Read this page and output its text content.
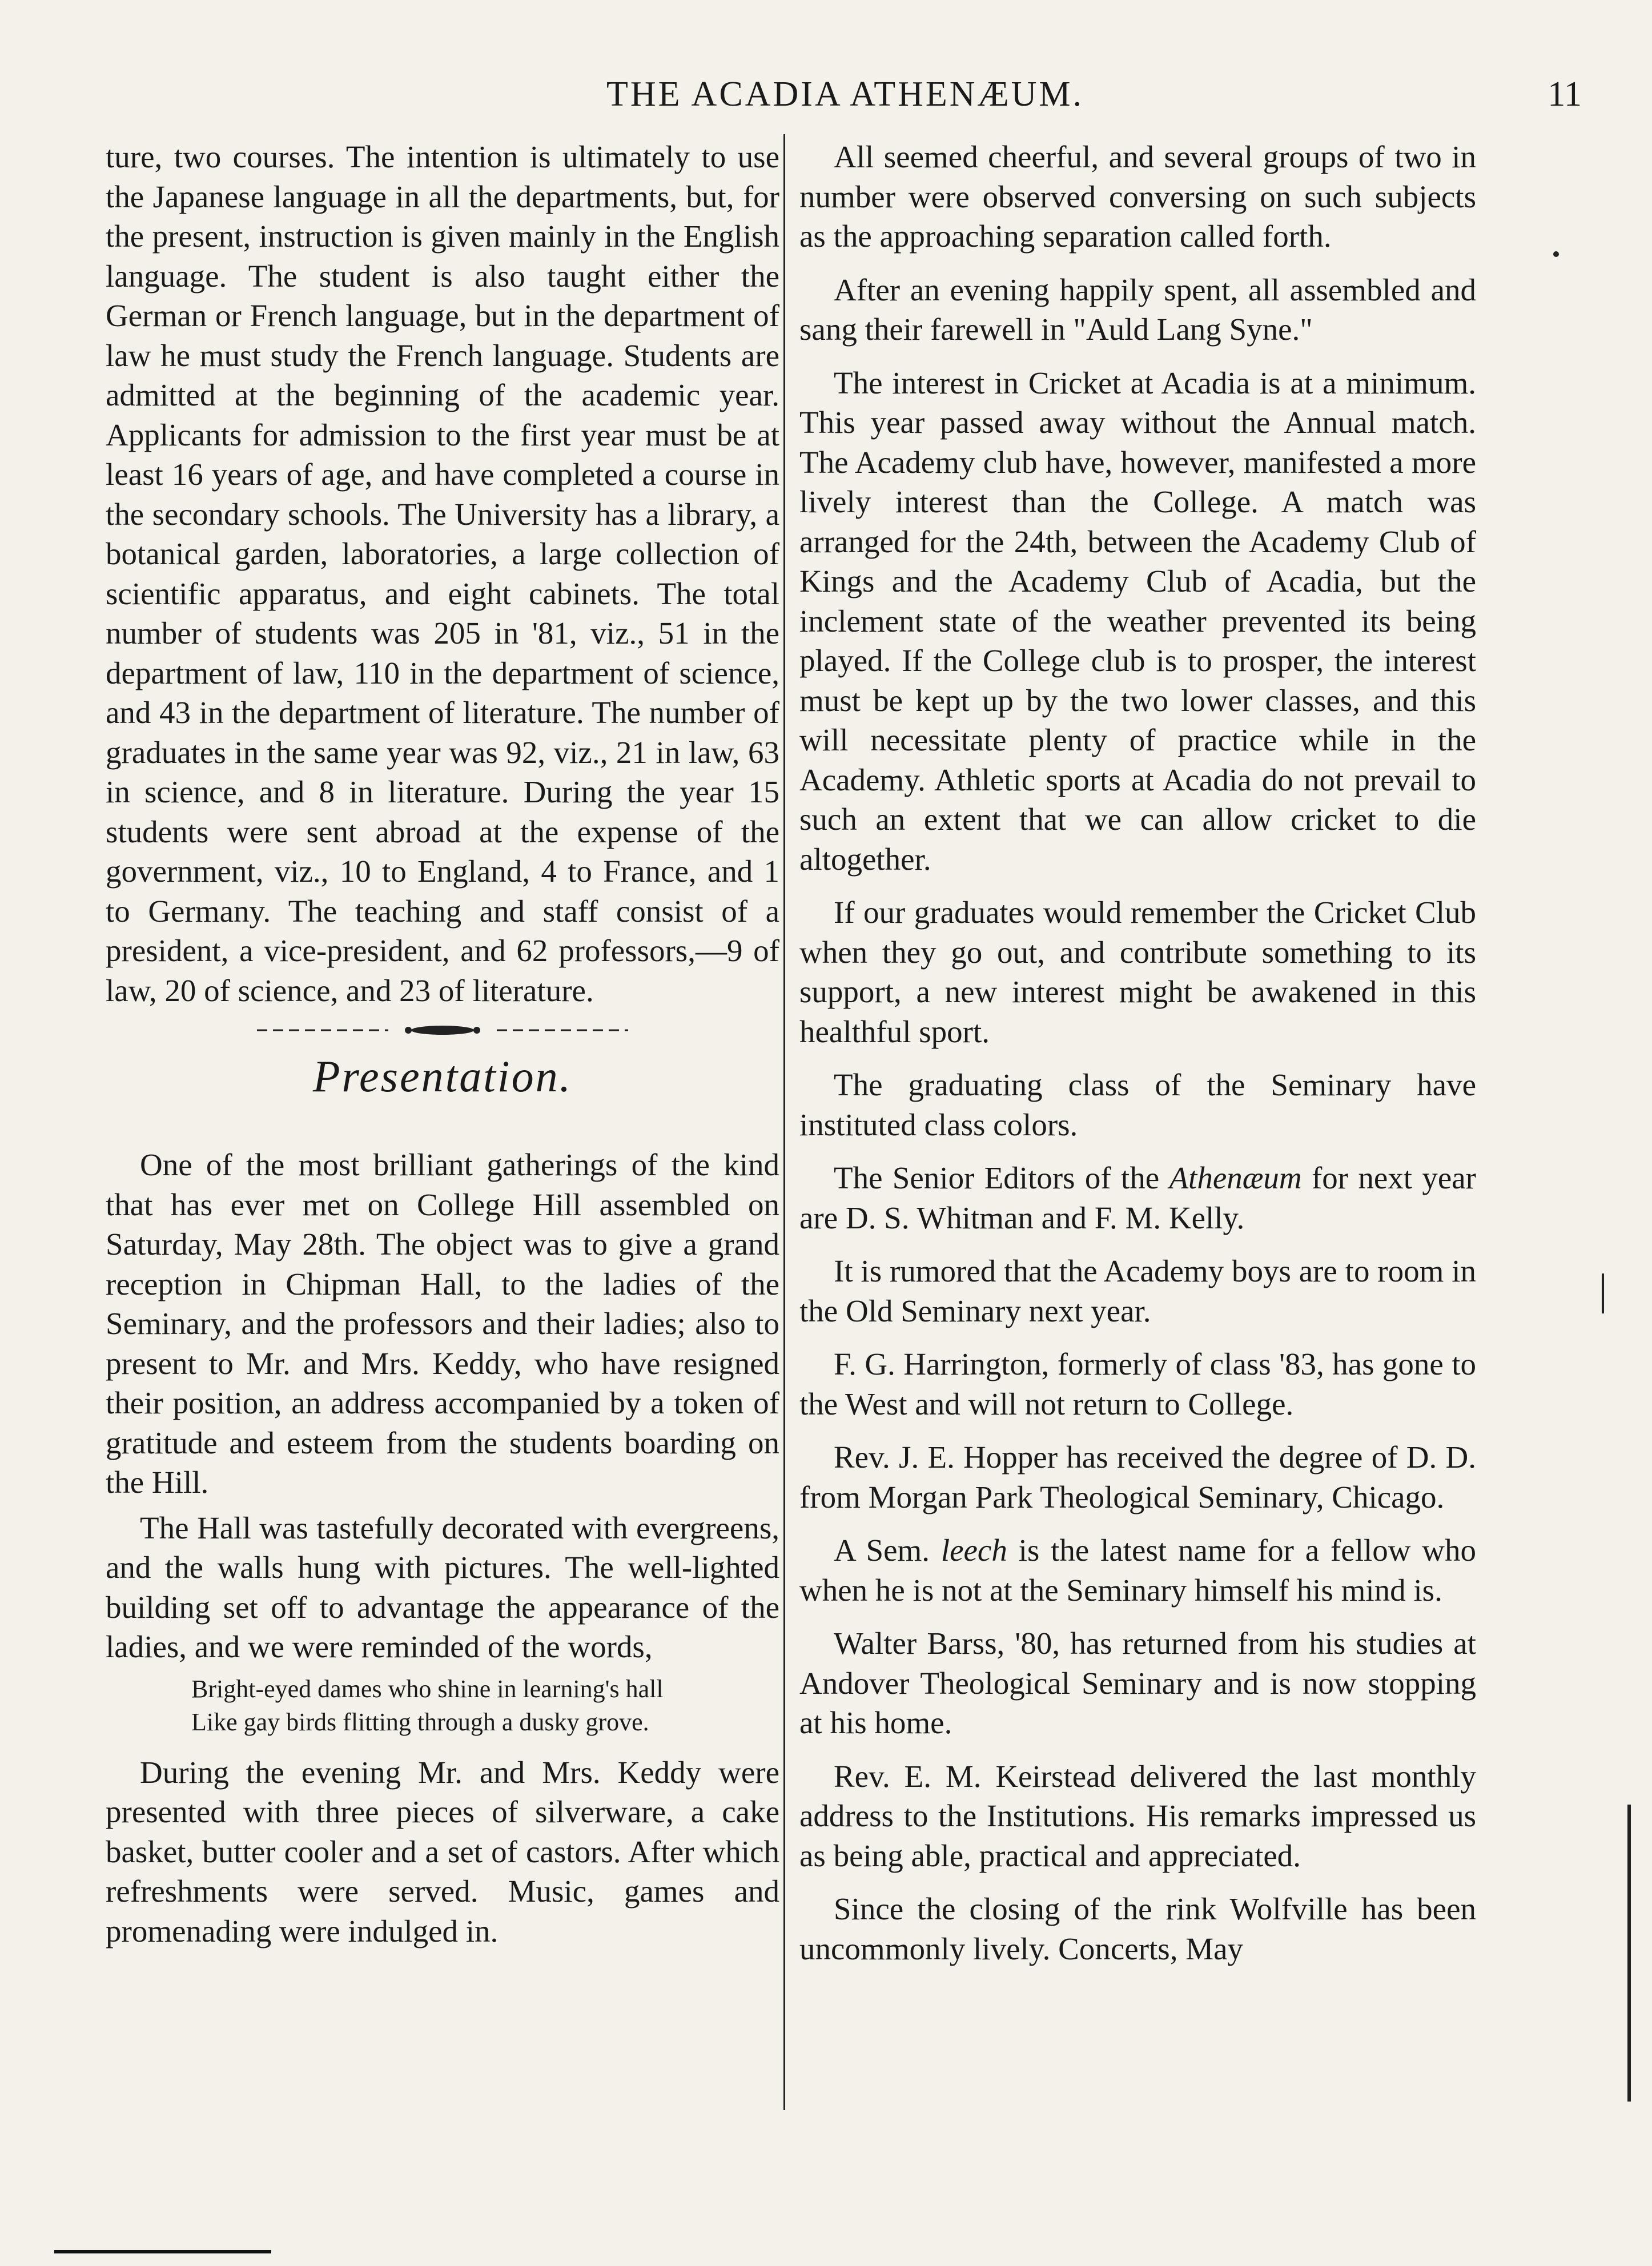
THE ACADIA ATHENÆUM.	11

ture, two courses. The intention is ultimately to use the Japanese language in all the departments, but, for the present, instruction is given mainly in the English language. The student is also taught either the German or French language, but in the department of law he must study the French language. Students are admitted at the beginning of the academic year. Applicants for admission to the first year must be at least 16 years of age, and have completed a course in the secondary schools. The University has a library, a botanical garden, laboratories, a large collection of scientific apparatus, and eight cabinets. The total number of students was 205 in '81, viz., 51 in the department of law, 110 in the department of science, and 43 in the department of literature. The number of graduates in the same year was 92, viz., 21 in law, 63 in science, and 8 in literature. During the year 15 students were sent abroad at the expense of the government, viz., 10 to England, 4 to France, and 1 to Germany. The teaching and staff consist of a president, a vice-president, and 62 professors,—9 of law, 20 of science, and 23 of literature.

Presentation.

One of the most brilliant gatherings of the kind that has ever met on College Hill assembled on Saturday, May 28th. The object was to give a grand reception in Chipman Hall, to the ladies of the Seminary, and the professors and their ladies; also to present to Mr. and Mrs. Keddy, who have resigned their position, an address accompanied by a token of gratitude and esteem from the students boarding on the Hill.

The Hall was tastefully decorated with evergreens, and the walls hung with pictures. The well-lighted building set off to advantage the appearance of the ladies, and we were reminded of the words,

Bright-eyed dames who shine in learning's hall
Like gay birds flitting through a dusky grove.

During the evening Mr. and Mrs. Keddy were presented with three pieces of silverware, a cake basket, butter cooler and a set of castors. After which refreshments were served. Music, games and promenading were indulged in.

All seemed cheerful, and several groups of two in number were observed conversing on such subjects as the approaching separation called forth.

After an evening happily spent, all assembled and sang their farewell in "Auld Lang Syne."

The interest in Cricket at Acadia is at a minimum. This year passed away without the Annual match. The Academy club have, however, manifested a more lively interest than the College. A match was arranged for the 24th, between the Academy Club of Kings and the Academy Club of Acadia, but the inclement state of the weather prevented its being played. If the College club is to prosper, the interest must be kept up by the two lower classes, and this will necessitate plenty of practice while in the Academy. Athletic sports at Acadia do not prevail to such an extent that we can allow cricket to die altogether.

If our graduates would remember the Cricket Club when they go out, and contribute something to its support, a new interest might be awakened in this healthful sport.

The graduating class of the Seminary have instituted class colors.

The Senior Editors of the Athenæum for next year are D. S. Whitman and F. M. Kelly.

It is rumored that the Academy boys are to room in the Old Seminary next year.

F. G. Harrington, formerly of class '83, has gone to the West and will not return to College.

Rev. J. E. Hopper has received the degree of D. D. from Morgan Park Theological Seminary, Chicago.

A Sem. leech is the latest name for a fellow who when he is not at the Seminary himself his mind is.

Walter Barss, '80, has returned from his studies at Andover Theological Seminary and is now stopping at his home.

Rev. E. M. Keirstead delivered the last monthly address to the Institutions. His remarks impressed us as being able, practical and appreciated.

Since the closing of the rink Wolfville has been uncommonly lively. Concerts, May
